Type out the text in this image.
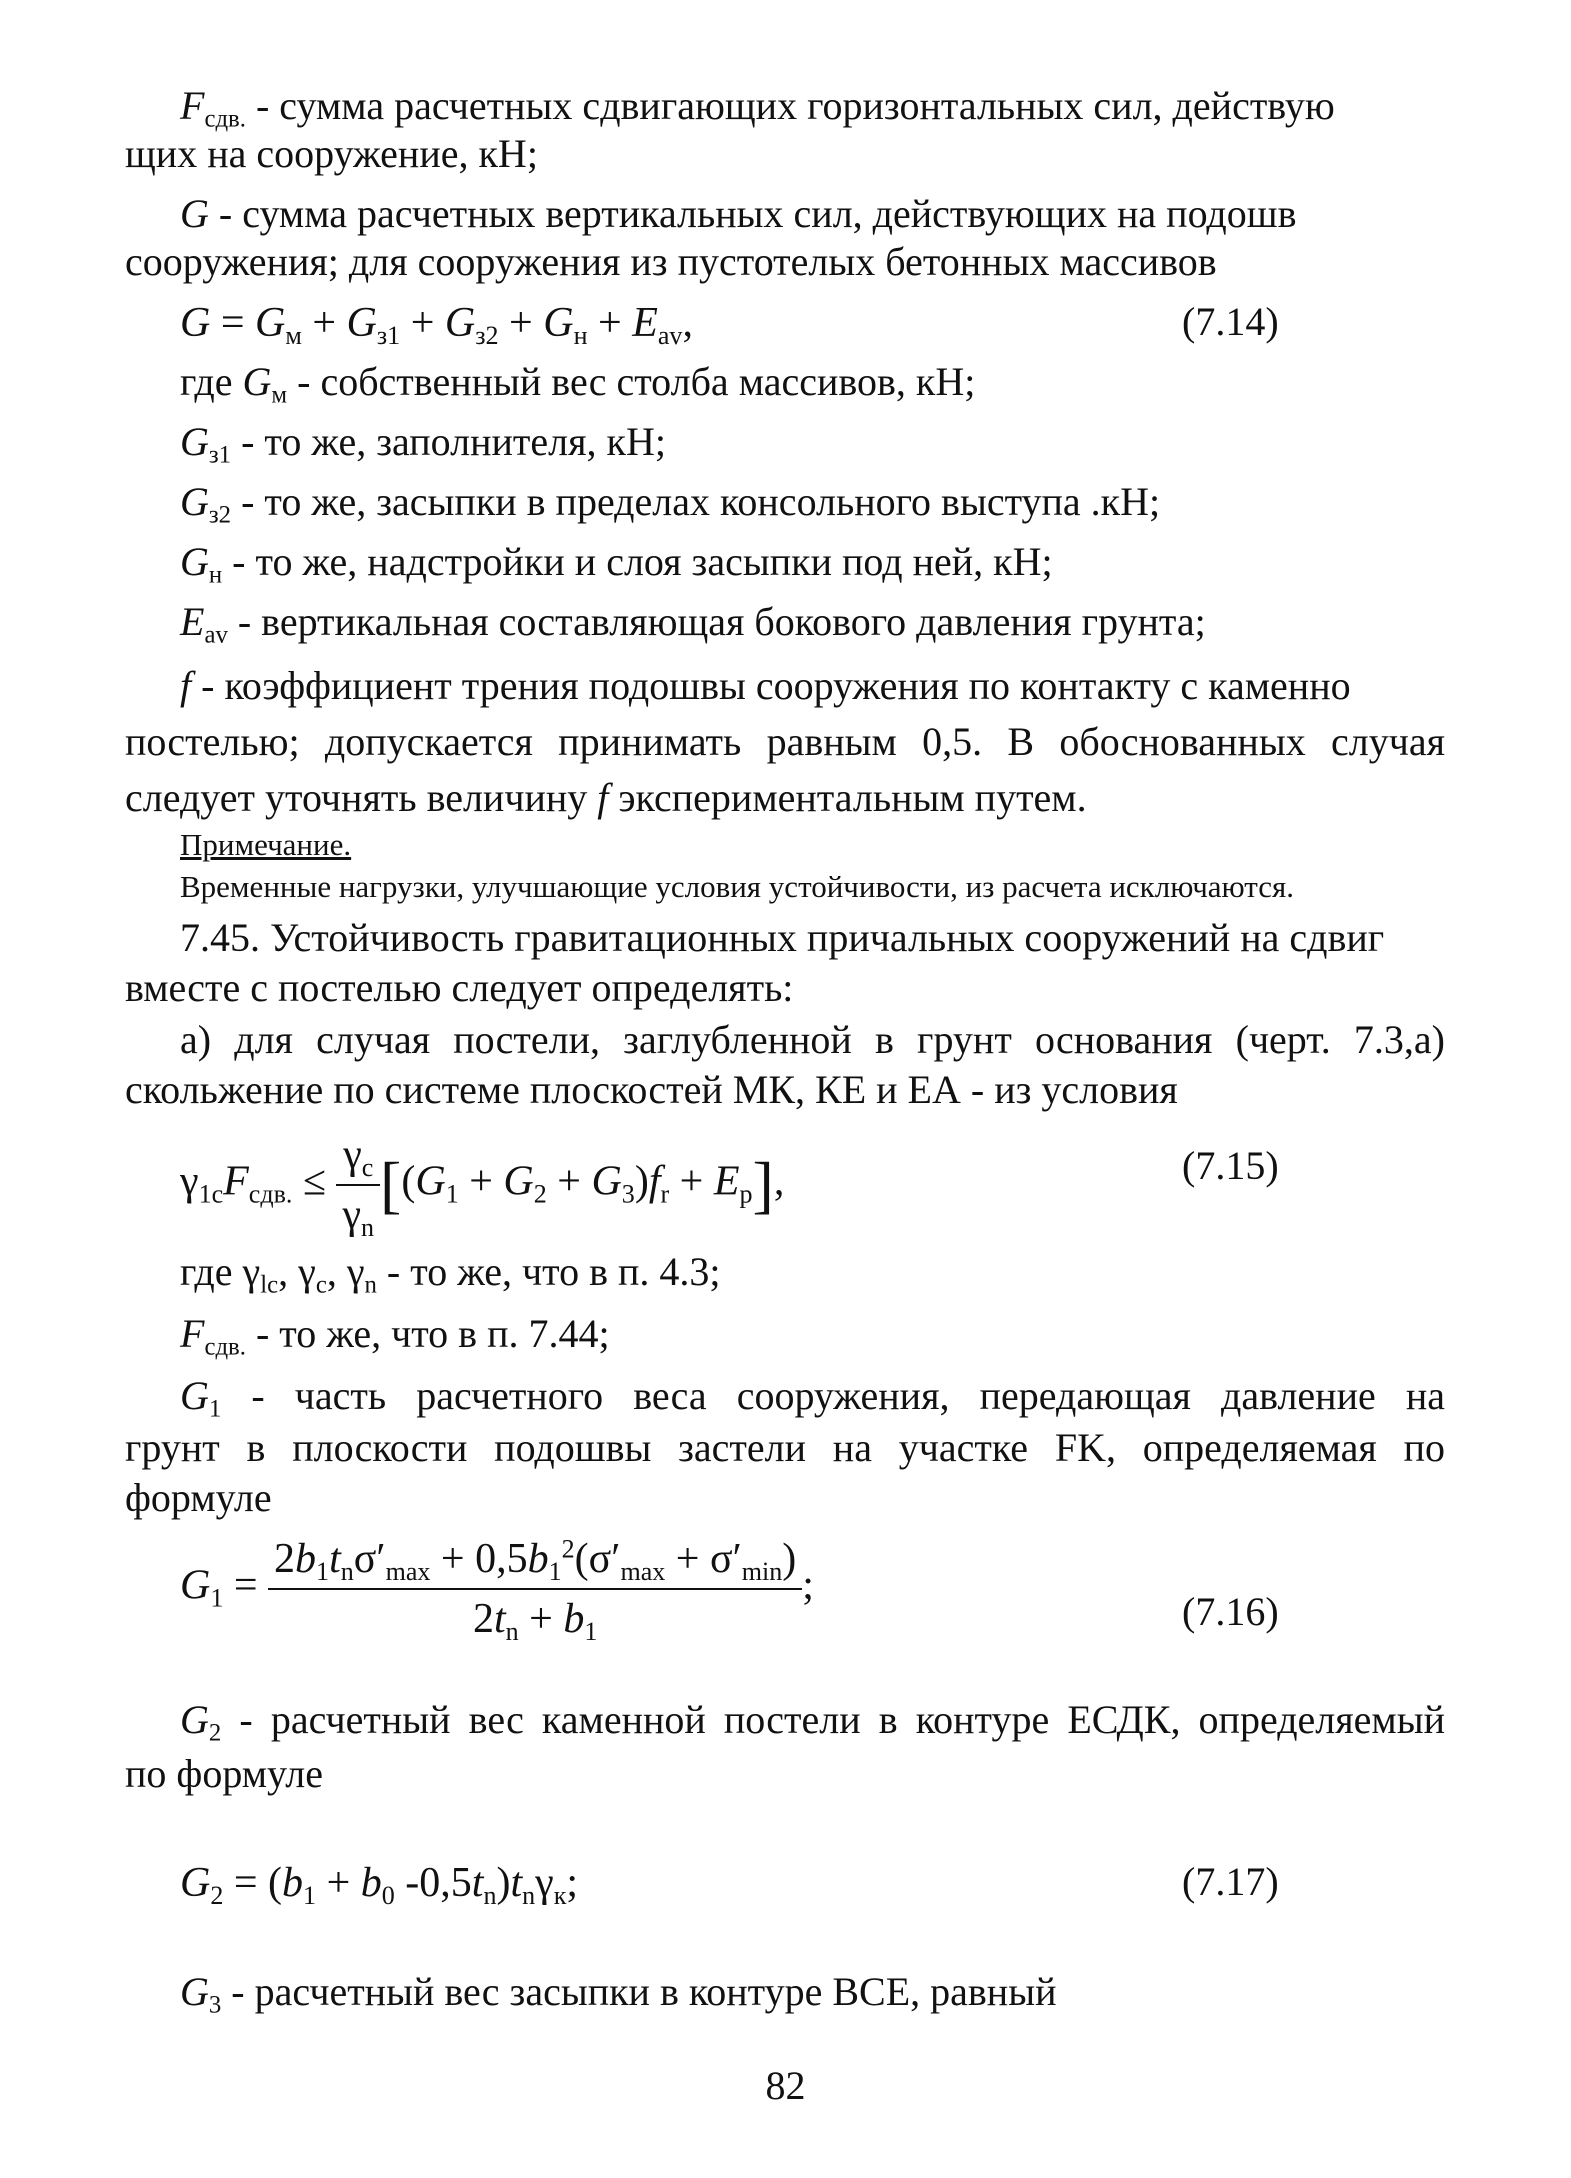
$F_{сдв.}$ - сумма расчетных сдвигающих горизонтальных сил, действую
щих на сооружение, кН;
G - сумма расчетных вертикальных сил, действующих на подошв
сооружения; для сооружения из пустотелых бетонных массивов
$G = G_м + G_{з1} + G_{з2} + G_н + E_{av}$,	(7.14)
где $G_м$ - собственный вес столба массивов, кН;
$G_{з1}$ - то же, заполнителя, кН;
$G_{з2}$ - то же, засыпки в пределах консольного выступа .кН;
$G_н$ - то же, надстройки и слоя засыпки под ней, кН;
$E_{av}$ - вертикальная составляющая бокового давления грунта;
f - коэффициент трения подошвы сооружения по контакту с каменно
постелью; допускается принимать равным 0,5. В обоснованных случая
следует уточнять величину f экспериментальным путем.
Примечание.
Временные нагрузки, улучшающие условия устойчивости, из расчета исключаются.
7.45. Устойчивость гравитационных причальных сооружений на сдвиг
вместе с постелью следует определять:
а) для случая постели, заглубленной в грунт основания (черт. 7.3,а)
скольжение по системе плоскостей МК, КЕ и ЕА - из условия
$\gamma_{1c}F_{сдв.} \le \frac{\gamma_c}{\gamma_n} [(G_1 + G_2 + G_3)f_r + E_p]$,	(7.15)
где $\gamma_{lc}$, $\gamma_c$, $\gamma_n$ - то же, что в п. 4.3;
$F_{сдв.}$ - то же, что в п. 7.44;
$G_1$ - часть расчетного веса сооружения, передающая давление на
грунт в плоскости подошвы застели на участке FK, определяемая по
формуле
$G_1 = \frac{2b_1t_n\sigma'_{max} + 0,5b_1^2(\sigma'_{max} + \sigma'_{min})}{2t_n + b_1}$ ;
(7.16)
$G_2$ - расчетный вес каменной постели в контуре ЕСДК, определяемый
по формуле
$G_2 = (b_1 + b_0$ $-0,5t_n)t_n\gamma_к$;	(7.17)
$G_3$ - расчетный вес засыпки в контуре ВСЕ, равный
82
